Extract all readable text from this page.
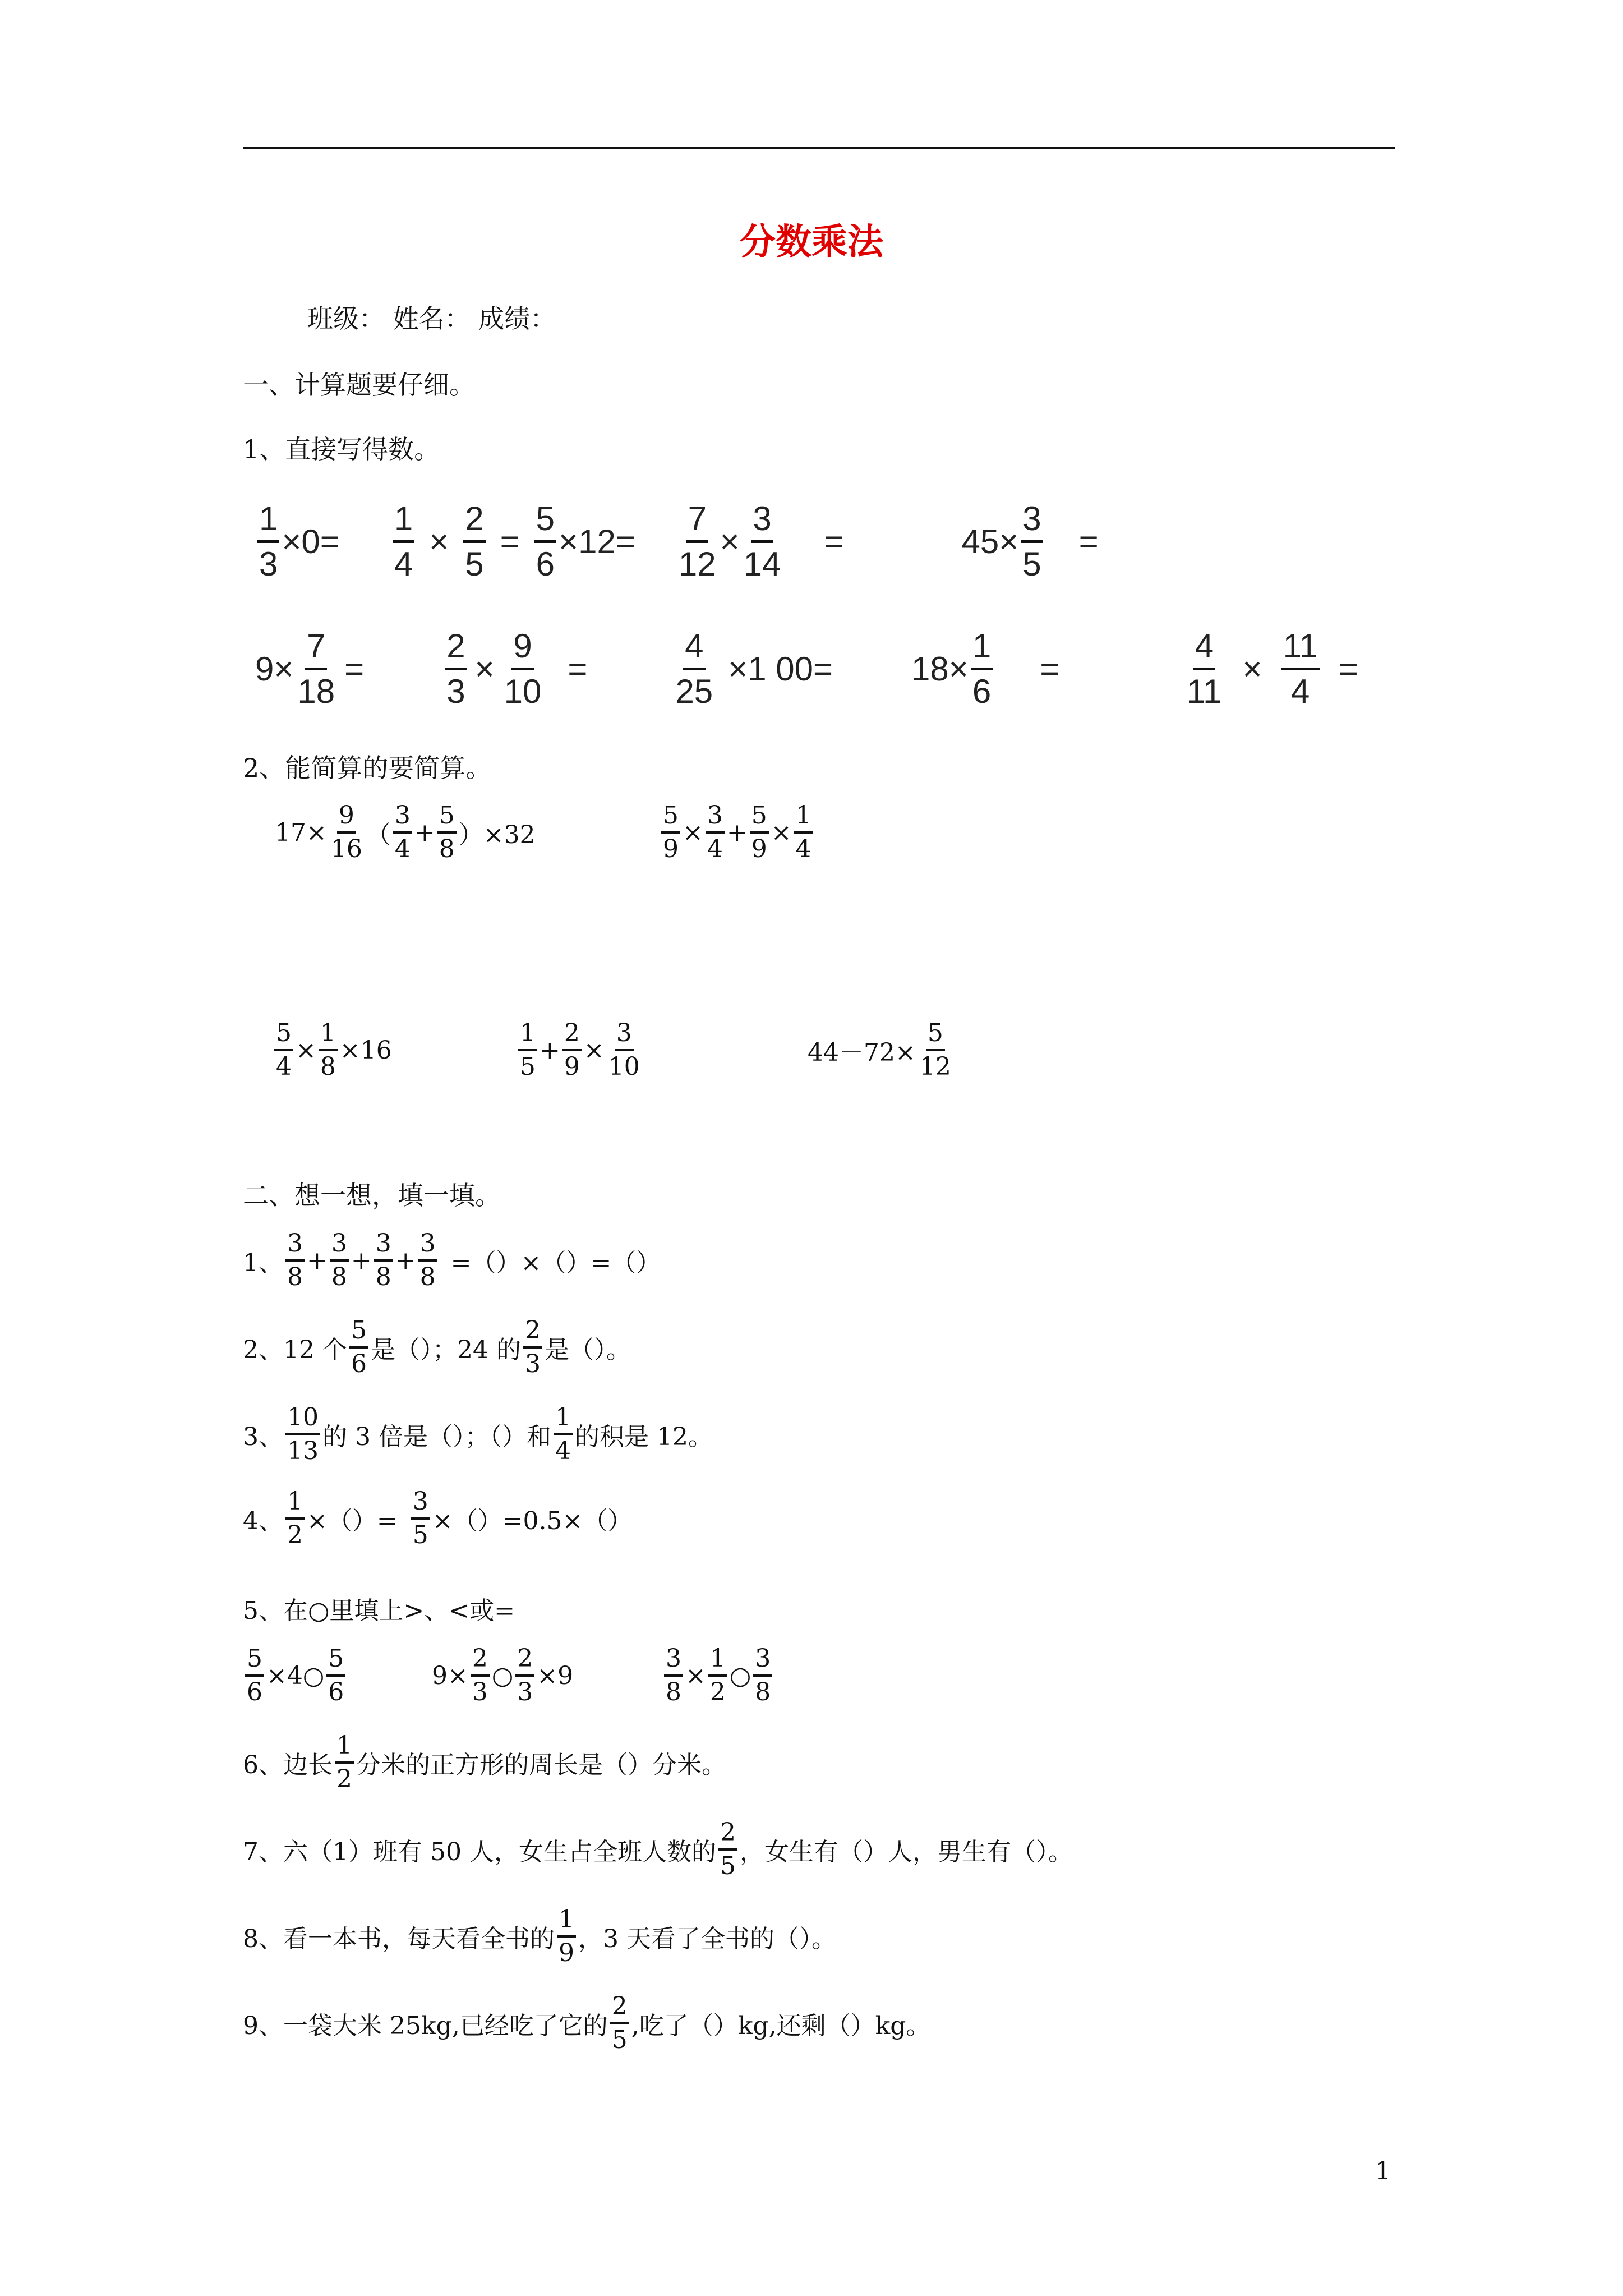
分数乘法
班级： 姓名： 成绩：
一、计算题要仔细。
1、直接写得数。
$\frac{1}{3} \times 0= \frac{1}{4} \times \frac{2}{5} = \frac{5}{6} \times 12= \frac{7}{12} \times \frac{3}{14}$ =	$45\times \frac{3}{5}$ =
$9\times \frac{7}{18} = \frac{2}{3} \times \frac{9}{10}$ =	$\frac{4}{25} \times 1$ $00= 18\times \frac{1}{6}$ =	$\frac{4}{11} \times \frac{11}{4}$ =
2、能简算的要简算。
$17\times \frac{9}{16}$ （ $\frac{3}{4} + \frac{5}{8} )\times 32$	$\frac{5}{9} \times \frac{3}{4} + \frac{5}{9} \times \frac{1}{4}$
$\frac{5}{4} \times \frac{1}{8} \times 16$	$\frac{1}{5} + \frac{2}{9} \times \frac{3}{10}$	$44-72\times \frac{5}{12}$
二、想一想，填一填。
1、 $\frac{3}{8} + \frac{3}{8} + \frac{3}{8} + \frac{3}{8}$ =（）×（）=（）
2、12 个 $\frac{5}{6}$ 是（）；24 的 $\frac{2}{3}$ 是（）。
3、 $\frac{10}{13}$ 的 3 倍是（）；（）和 $\frac{1}{4}$ 的积是 12。
4、 $\frac{1}{2}$ ×（）= $\frac{3}{5} \times()=0.5\times()$
5、在○里填上>、<或=
$\frac{5}{6}$ ×4○ $\frac{5}{6}$	$9\times \frac{2}{3}$ ○ $\frac{2}{3} \times 9$	$\frac{3}{8} \times \frac{1}{2}$ ○ $\frac{3}{8}$
6、边长 $\frac{1}{2}$ 分米的正方形的周长是（）分米。
7、六（1）班有 50 人，女生占全班人数的 $\frac{2}{5}$ ，女生有（）人，男生有（）。
8、看一本书，每天看全书的 $\frac{1}{9}$ ，3 天看了全书的（）。
9、一袋大米 25kg,已经吃了它的 $\frac{2}{5}$ ,吃了（）kg,还剩（）kg。
1
